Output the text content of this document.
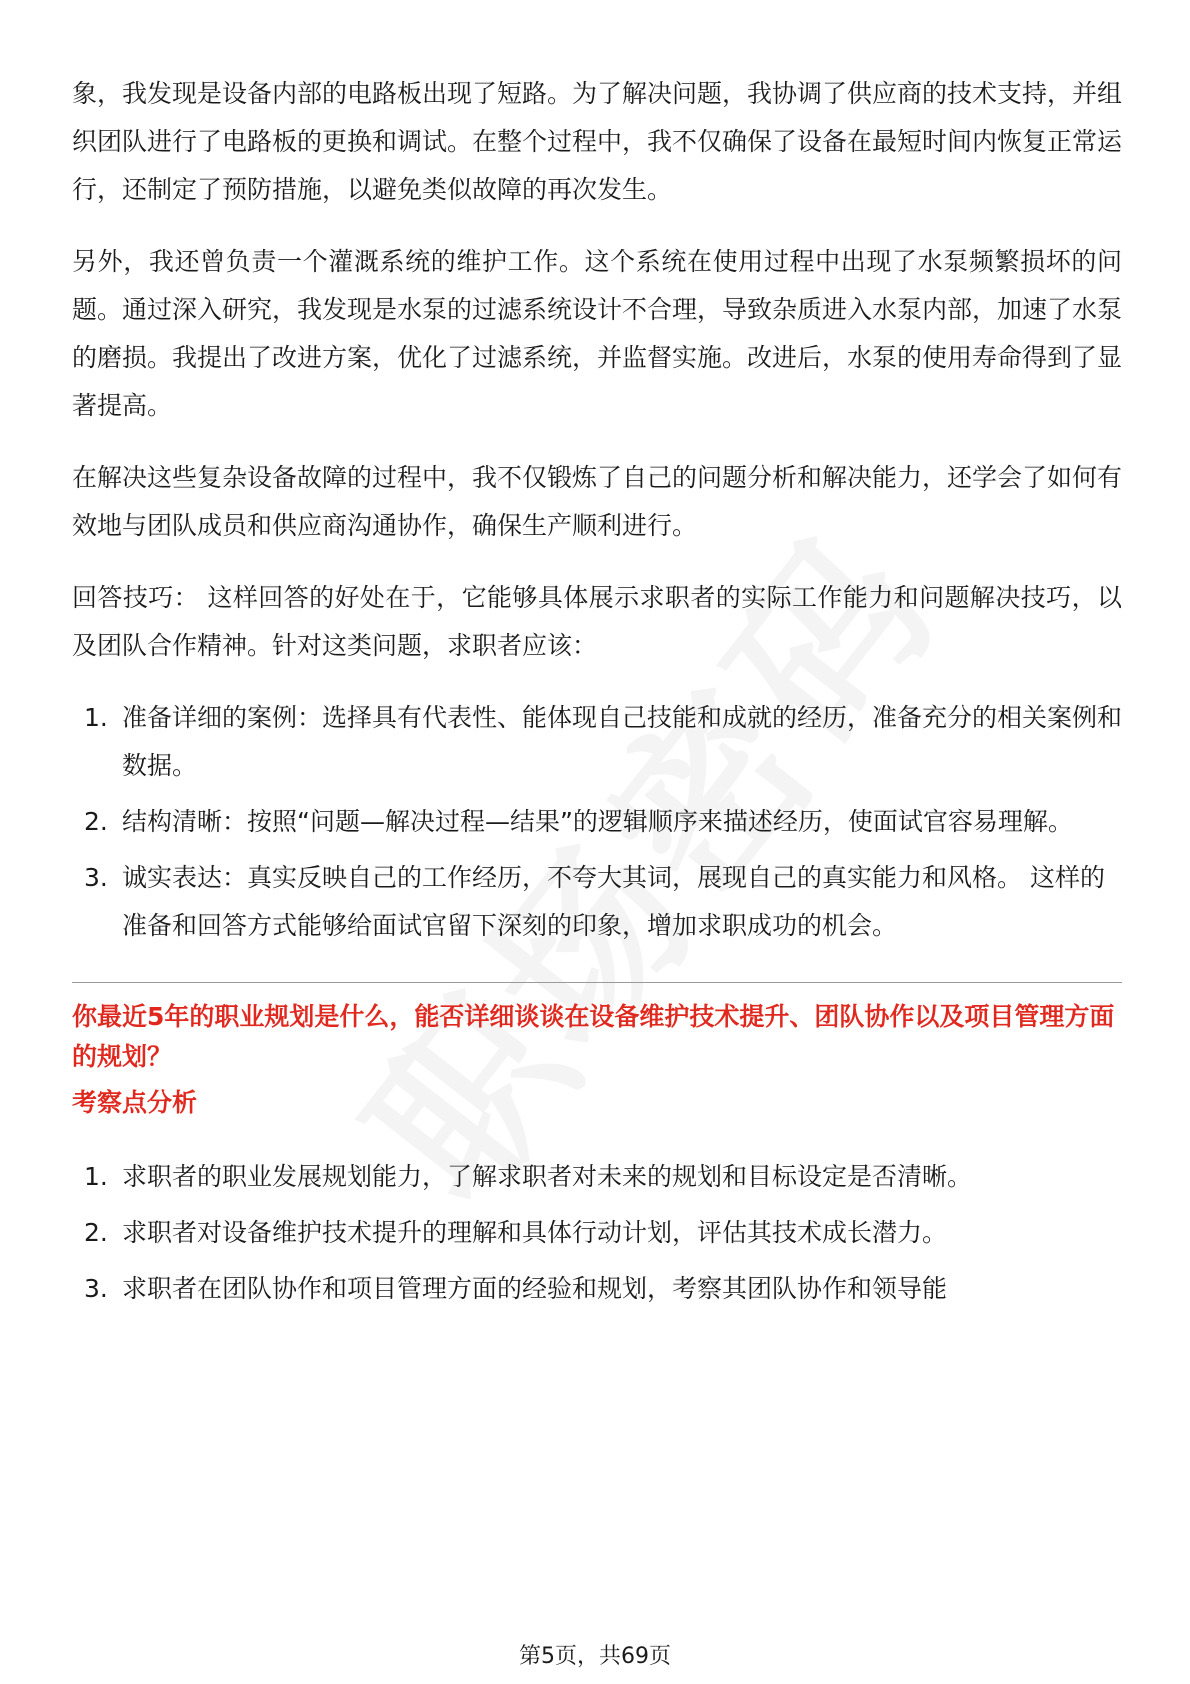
象，我发现是设备内部的电路板出现了短路。为了解决问题，我协调了供应商的技术支持，并组织团队进行了电路板的更换和调试。在整个过程中，我不仅确保了设备在最短时间内恢复正常运行，还制定了预防措施，以避免类似故障的再次发生。

另外，我还曾负责一个灌溉系统的维护工作。这个系统在使用过程中出现了水泵频繁损坏的问题。通过深入研究，我发现是水泵的过滤系统设计不合理，导致杂质进入水泵内部，加速了水泵的磨损。我提出了改进方案，优化了过滤系统，并监督实施。改进后，水泵的使用寿命得到了显著提高。

在解决这些复杂设备故障的过程中，我不仅锻炼了自己的问题分析和解决能力，还学会了如何有效地与团队成员和供应商沟通协作，确保生产顺利进行。

回答技巧： 这样回答的好处在于，它能够具体展示求职者的实际工作能力和问题解决技巧，以及团队合作精神。针对这类问题，求职者应该：

1. 准备详细的案例：选择具有代表性、能体现自己技能和成就的经历，准备充分的相关案例和数据。
2. 结构清晰：按照“问题—解决过程—结果”的逻辑顺序来描述经历，使面试官容易理解。
3. 诚实表达：真实反映自己的工作经历，不夸大其词，展现自己的真实能力和风格。 这样的准备和回答方式能够给面试官留下深刻的印象，增加求职成功的机会。
你最近5年的职业规划是什么，能否详细谈谈在设备维护技术提升、团队协作以及项目管理方面的规划？
考察点分析
1. 求职者的职业发展规划能力，了解求职者对未来的规划和目标设定是否清晰。
2. 求职者对设备维护技术提升的理解和具体行动计划，评估其技术成长潜力。
3. 求职者在团队协作和项目管理方面的经验和规划，考察其团队协作和领导能
第5页，共69页
